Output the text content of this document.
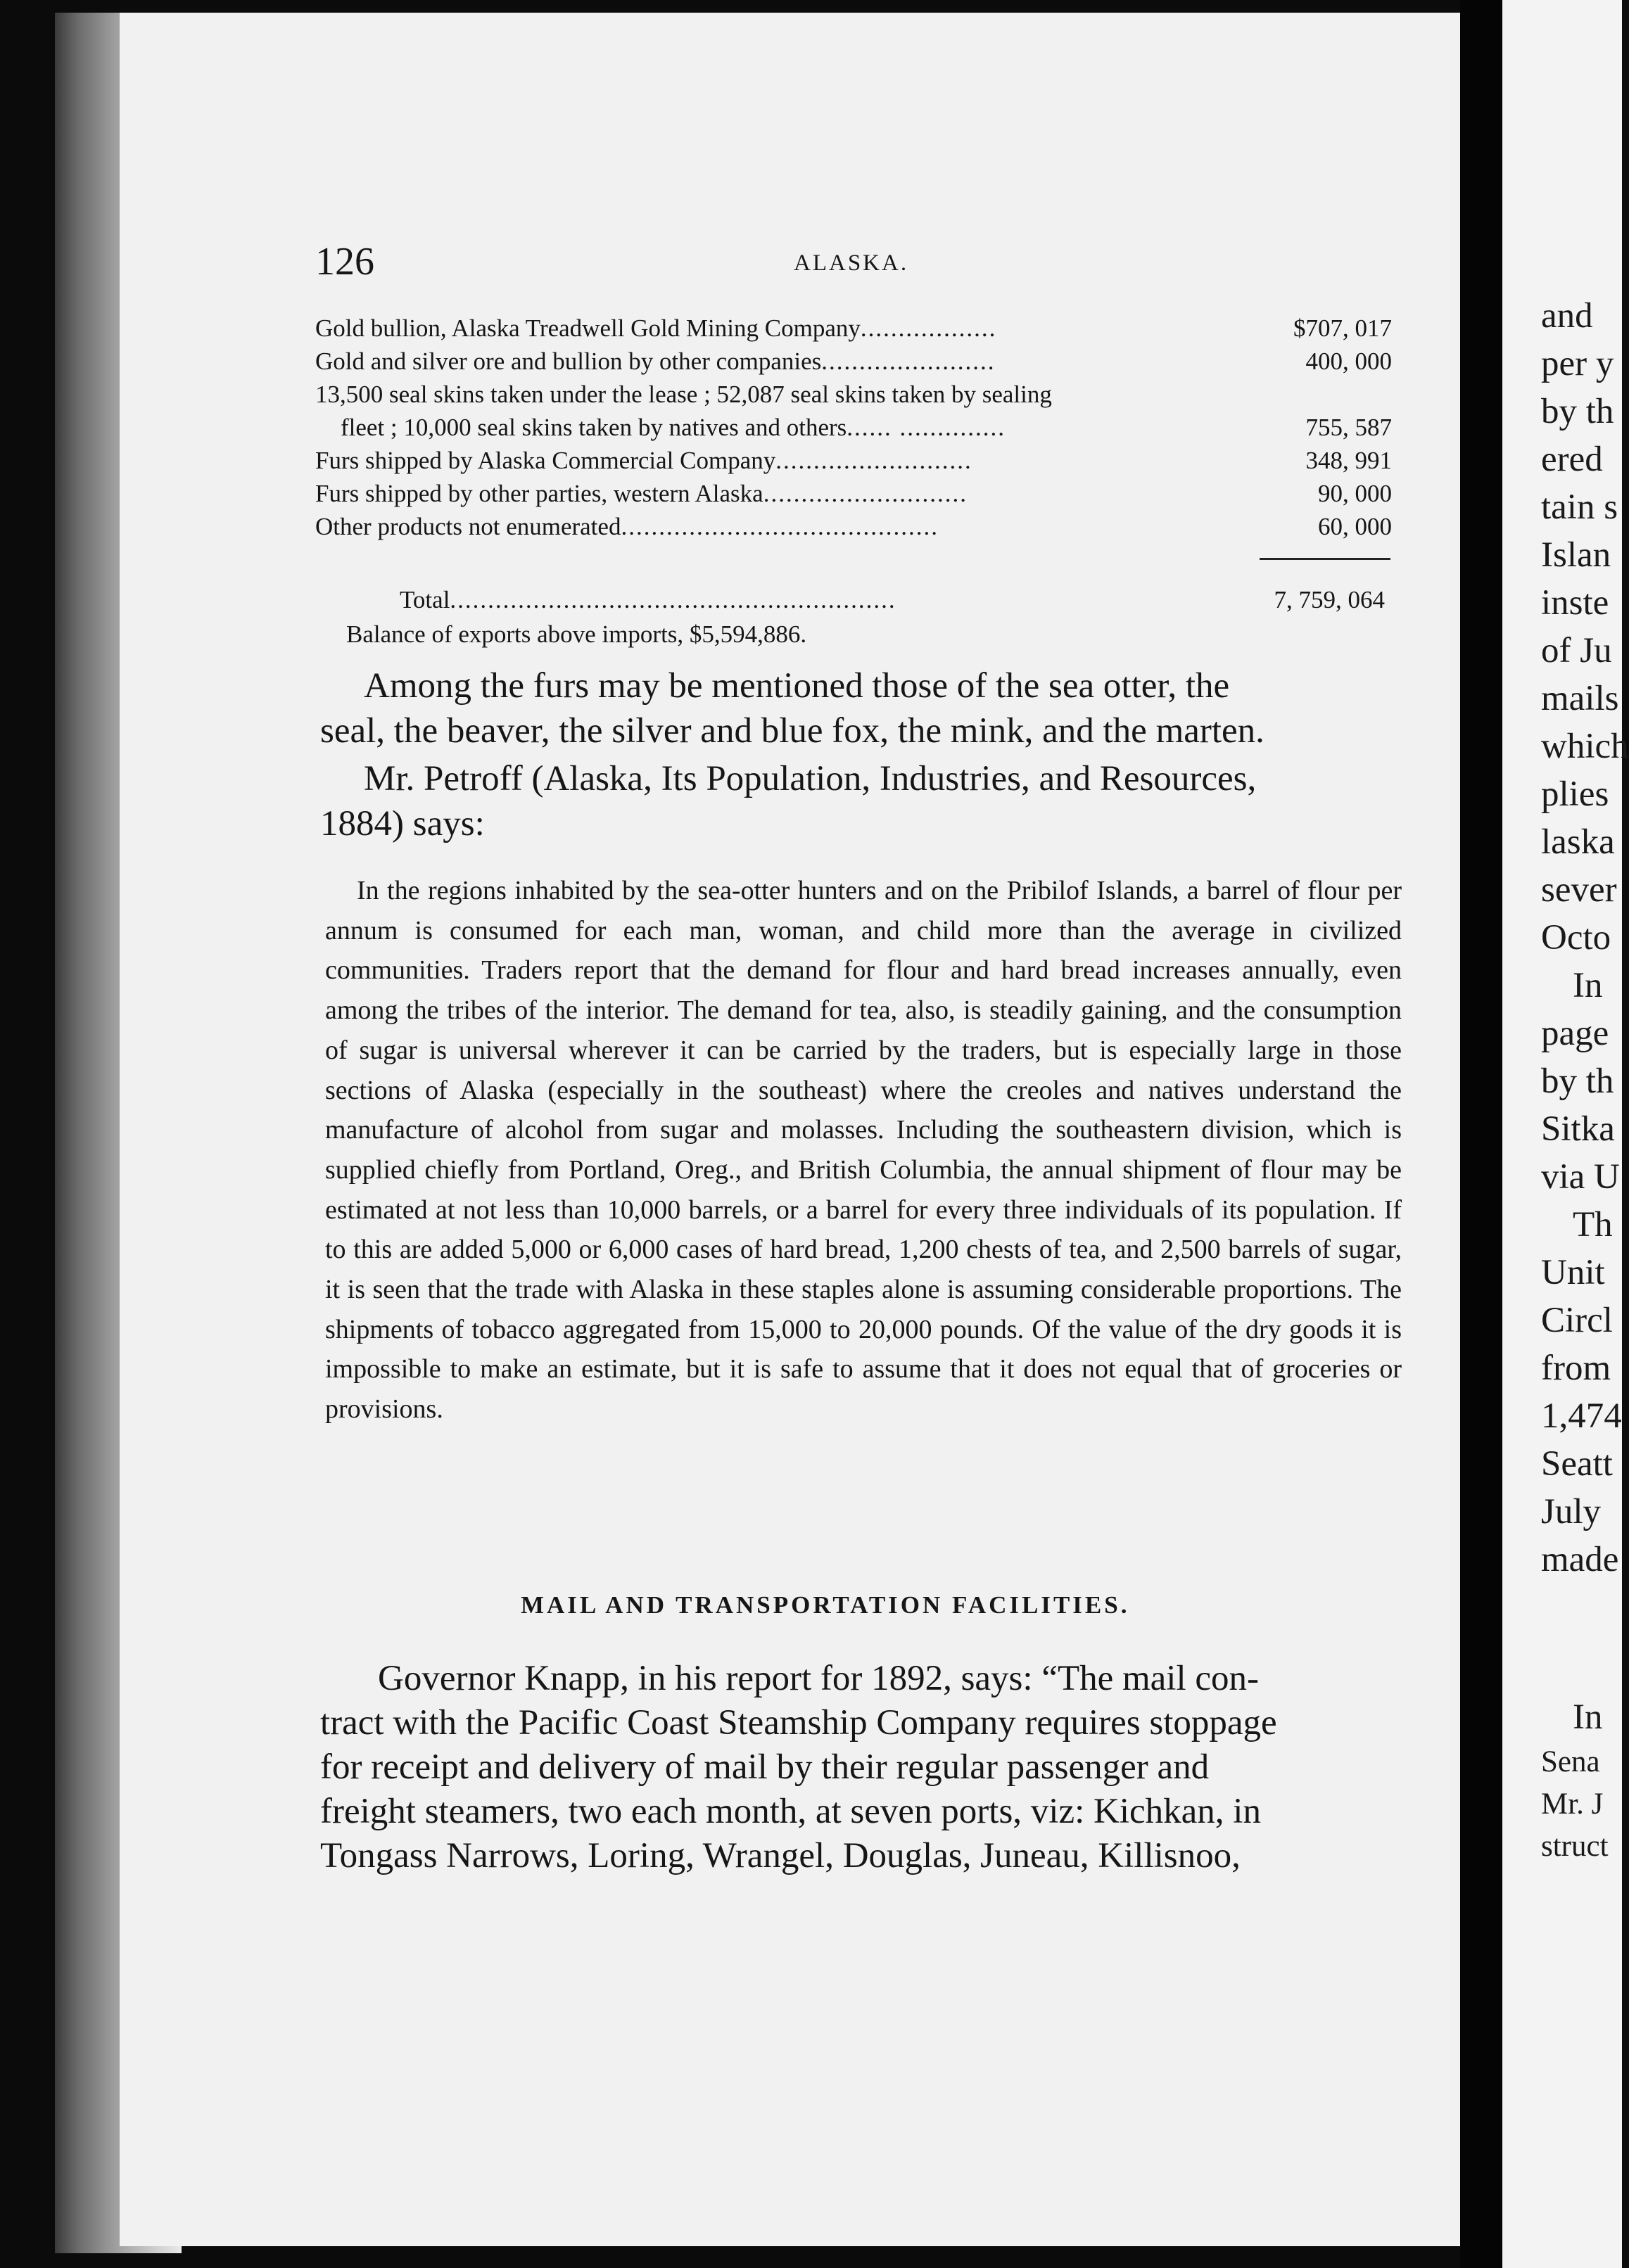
and
per y
by th
ered
tain s
Islan
inste
of Ju
mails
which
plies
laska
sever
Octo
In
page
by th
Sitka
via U
Th
Unit
Circl
from
1,474
Seatt
July
made
In
Sena
Mr. J
struct
126	ALASKA.
Gold bullion, Alaska Treadwell Gold Mining Company..................	$707, 017
Gold and silver ore and bullion by other companies.......................	400, 000
13,500 seal skins taken under the lease ; 52,087 seal skins taken by sealing
fleet ; 10,000 seal skins taken by natives and others...... ..............	755, 587
Furs shipped by Alaska Commercial Company..........................	348, 991
Furs shipped by other parties, western Alaska...........................	90, 000
Other products not enumerated..........................................	60, 000
Total...........................................................	7, 759, 064
Balance of exports above imports, $5,594,886.
Among the furs may be mentioned those of the sea otter, the
seal, the beaver, the silver and blue fox, the mink, and the marten.
Mr. Petroff (Alaska, Its Population, Industries, and Resources,
1884) says:
In the regions inhabited by the sea-otter hunters and on the Pribilof Islands, a barrel of flour per annum is consumed for each man, woman, and child more than the average in civilized communities. Traders report that the demand for flour and hard bread increases annually, even among the tribes of the interior. The demand for tea, also, is steadily gaining, and the consumption of sugar is universal wherever it can be carried by the traders, but is especially large in those sections of Alaska (especially in the southeast) where the creoles and natives understand the manufacture of alcohol from sugar and molasses. Including the southeastern division, which is supplied chiefly from Portland, Oreg., and British Columbia, the annual shipment of flour may be estimated at not less than 10,000 barrels, or a barrel for every three individuals of its population. If to this are added 5,000 or 6,000 cases of hard bread, 1,200 chests of tea, and 2,500 barrels of sugar, it is seen that the trade with Alaska in these staples alone is assuming considerable proportions. The shipments of tobacco aggregated from 15,000 to 20,000 pounds. Of the value of the dry goods it is impossible to make an estimate, but it is safe to assume that it does not equal that of groceries or provisions.
MAIL AND TRANSPORTATION FACILITIES.
Governor Knapp, in his report for 1892, says: “The mail con-
tract with the Pacific Coast Steamship Company requires stoppage
for receipt and delivery of mail by their regular passenger and
freight steamers, two each month, at seven ports, viz: Kichkan, in
Tongass Narrows, Loring, Wrangel, Douglas, Juneau, Killisnoo,
